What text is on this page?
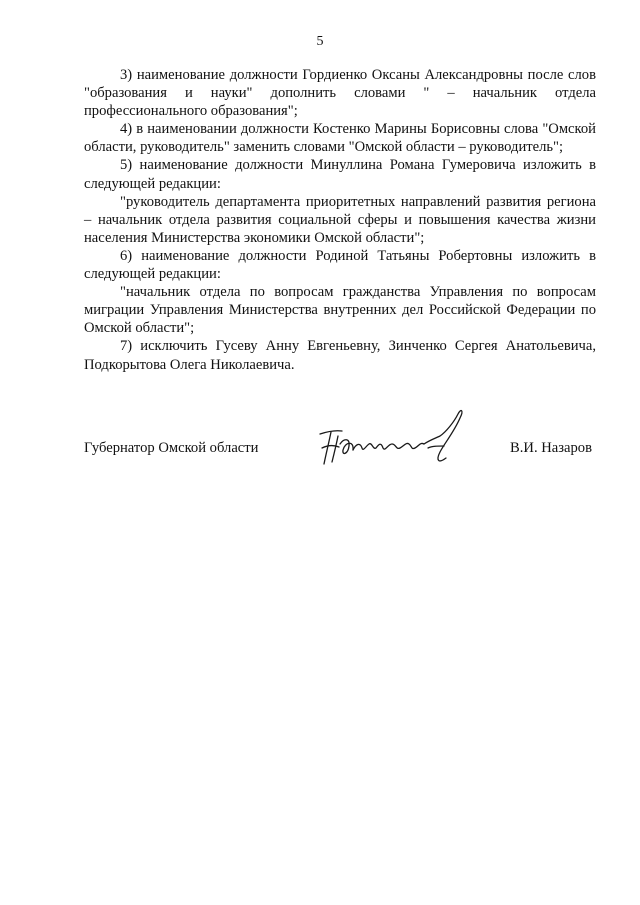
5

3) наименование должности Гордиенко Оксаны Александровны после слов "образования и науки" дополнить словами " – начальник отдела профессионального образования";

4) в наименовании должности Костенко Марины Борисовны слова "Омской области, руководитель" заменить словами "Омской области – руководитель";

5) наименование должности Минуллина Романа Гумеровича изложить в следующей редакции:

"руководитель департамента приоритетных направлений развития региона – начальник отдела развития социальной сферы и повышения качества жизни населения Министерства экономики Омской области";

6) наименование должности Родиной Татьяны Робертовны изложить в следующей редакции:

"начальник отдела по вопросам гражданства Управления по вопросам миграции Управления Министерства внутренних дел Российской Федерации по Омской области";

7) исключить Гусеву Анну Евгеньевну, Зинченко Сергея Анатольевича, Подкорытова Олега Николаевича.

Губернатор Омской области	В.И. Назаров
